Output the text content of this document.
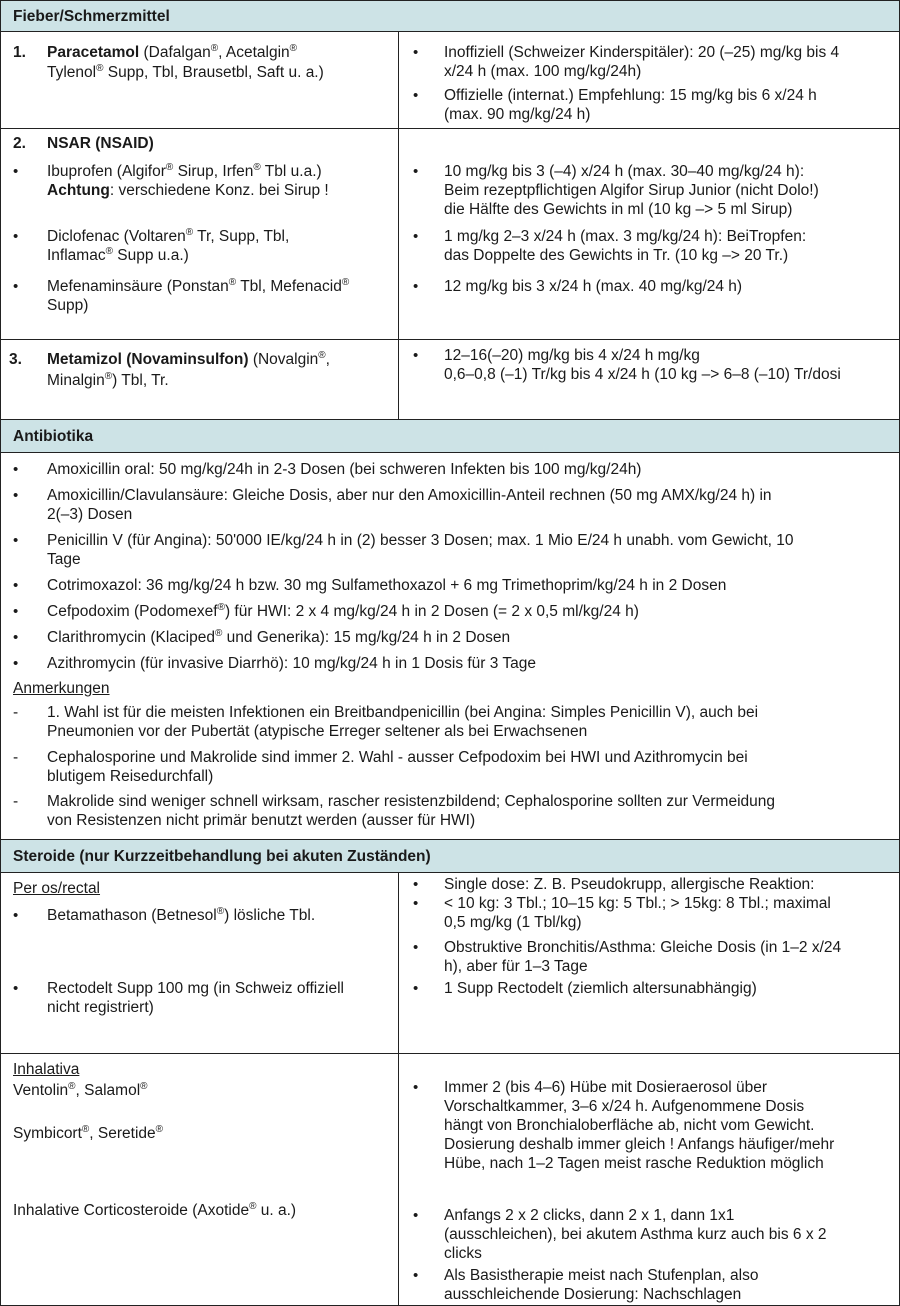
Fieber/Schmerzmittel
1. Paracetamol (Dafalgan®, Acetalgin®
Tylenol® Supp, Tbl, Brausetbl, Saft u. a.)
• Inoffiziell (Schweizer Kinderspitäler): 20 (–25) mg/kg bis 4
x/24 h (max. 100 mg/kg/24h)
• Offizielle (internat.) Empfehlung: 15 mg/kg bis 6 x/24 h
(max. 90 mg/kg/24 h)
2. NSAR (NSAID)
• Ibuprofen (Algifor® Sirup, Irfen® Tbl u.a.)
Achtung: verschiedene Konz. bei Sirup !
• 10 mg/kg bis 3 (–4) x/24 h (max. 30–40 mg/kg/24 h):
Beim rezeptpflichtigen Algifor Sirup Junior (nicht Dolo!)
die Hälfte des Gewichts in ml (10 kg –> 5 ml Sirup)
• Diclofenac (Voltaren® Tr, Supp, Tbl,
Inflamac® Supp u.a.)
• 1 mg/kg 2–3 x/24 h (max. 3 mg/kg/24 h): BeiTropfen:
das Doppelte des Gewichts in Tr. (10 kg –> 20 Tr.)
• Mefenaminsäure (Ponstan® Tbl, Mefenacid®
Supp)
• 12 mg/kg bis 3 x/24 h (max. 40 mg/kg/24 h)
3. Metamizol (Novaminsulfon) (Novalgin®,
Minalgin®) Tbl, Tr.
• 12–16(–20) mg/kg bis 4 x/24 h mg/kg
0,6–0,8 (–1) Tr/kg bis 4 x/24 h (10 kg –> 6–8 (–10) Tr/dosi
Antibiotika
• Amoxicillin oral: 50 mg/kg/24h in 2-3 Dosen (bei schweren Infekten bis 100 mg/kg/24h)
• Amoxicillin/Clavulansäure: Gleiche Dosis, aber nur den Amoxicillin-Anteil rechnen (50 mg AMX/kg/24 h) in
2(–3) Dosen
• Penicillin V (für Angina): 50'000 IE/kg/24 h in (2) besser 3 Dosen; max. 1 Mio E/24 h unabh. vom Gewicht, 10
Tage
• Cotrimoxazol: 36 mg/kg/24 h bzw. 30 mg Sulfamethoxazol + 6 mg Trimethoprim/kg/24 h in 2 Dosen
• Cefpodoxim (Podomexef®) für HWI: 2 x 4 mg/kg/24 h in 2 Dosen (= 2 x 0,5 ml/kg/24 h)
• Clarithromycin (Klaciped® und Generika): 15 mg/kg/24 h in 2 Dosen
• Azithromycin (für invasive Diarrhö): 10 mg/kg/24 h in 1 Dosis für 3 Tage
Anmerkungen
- 1. Wahl ist für die meisten Infektionen ein Breitbandpenicillin (bei Angina: Simples Penicillin V), auch bei
Pneumonien vor der Pubertät (atypische Erreger seltener als bei Erwachsenen
- Cephalosporine und Makrolide sind immer 2. Wahl - ausser Cefpodoxim bei HWI und Azithromycin bei
blutigem Reisedurchfall)
- Makrolide sind weniger schnell wirksam, rascher resistenzbildend; Cephalosporine sollten zur Vermeidung
von Resistenzen nicht primär benutzt werden (ausser für HWI)
Steroide (nur Kurzzeitbehandlung bei akuten Zuständen)
Per os/rectal
• Betamathason (Betnesol®) lösliche Tbl.
• Rectodelt Supp 100 mg (in Schweiz offiziell
nicht registriert)
• Single dose: Z. B. Pseudokrupp, allergische Reaktion:
• < 10 kg: 3 Tbl.; 10–15 kg: 5 Tbl.; > 15kg: 8 Tbl.; maximal
0,5 mg/kg (1 Tbl/kg)
• Obstruktive Bronchitis/Asthma: Gleiche Dosis (in 1–2 x/24
h), aber für 1–3 Tage
• 1 Supp Rectodelt (ziemlich altersunabhängig)
Inhalativa
Ventolin®, Salamol®
Symbicort®, Seretide®
Inhalative Corticosteroide (Axotide® u. a.)
• Immer 2 (bis 4–6) Hübe mit Dosieraerosol über
Vorschaltkammer, 3–6 x/24 h. Aufgenommene Dosis
hängt von Bronchialoberfläche ab, nicht vom Gewicht.
Dosierung deshalb immer gleich ! Anfangs häufiger/mehr
Hübe, nach 1–2 Tagen meist rasche Reduktion möglich
• Anfangs 2 x 2 clicks, dann 2 x 1, dann 1x1
(ausschleichen), bei akutem Asthma kurz auch bis 6 x 2
clicks
• Als Basistherapie meist nach Stufenplan, also
ausschleichende Dosierung: Nachschlagen
